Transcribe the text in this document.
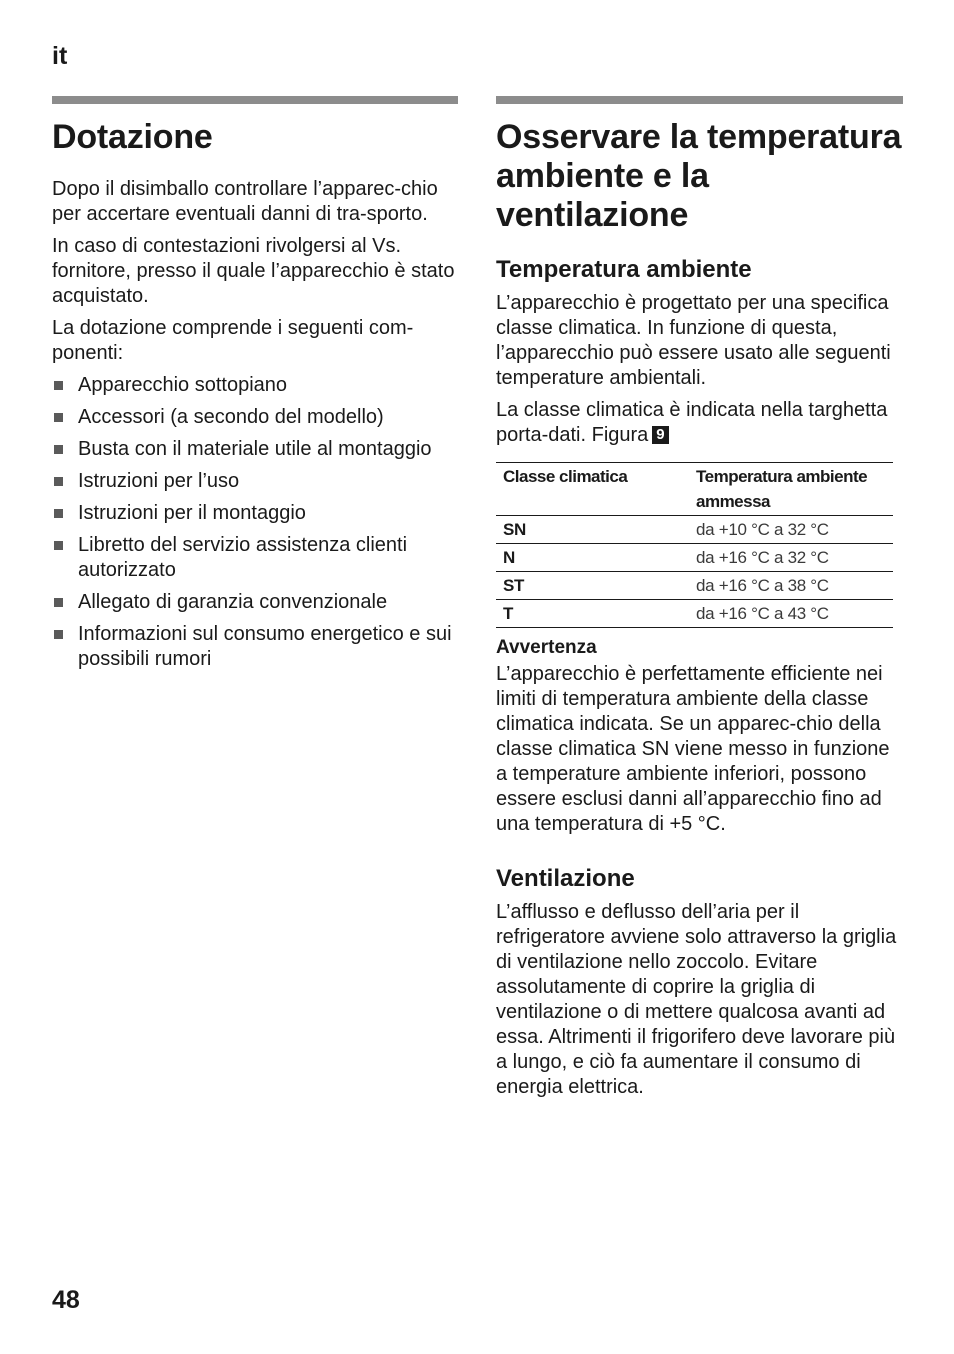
it
Dotazione

Dopo il disimballo controllare l’apparec-chio per accertare eventuali danni di tra-sporto.

In caso di contestazioni rivolgersi al Vs. fornitore, presso il quale l’apparecchio è stato acquistato.

La dotazione comprende i seguenti com-ponenti:

Apparecchio sottopiano
Accessori (a secondo del modello)
Busta con il materiale utile al montaggio
Istruzioni per l’uso
Istruzioni per il montaggio
Libretto del servizio assistenza clienti autorizzato
Allegato di garanzia convenzionale
Informazioni sul consumo energetico e sui possibili rumori
Osservare la temperatura ambiente e la ventilazione
Temperatura ambiente

L’apparecchio è progettato per una specifica classe climatica. In funzione di questa, l’apparecchio può essere usato alle seguenti temperature ambientali.

La classe climatica è indicata nella targhetta porta-dati. Figura 9

Classe climatica	Temperatura ambiente ammessa
SN	da +10 °C a 32 °C
N	da +16 °C a 32 °C
ST	da +16 °C a 38 °C
T	da +16 °C a 43 °C
Avvertenza

L’apparecchio è perfettamente efficiente nei limiti di temperatura ambiente della classe climatica indicata. Se un apparec-chio della classe climatica SN viene messo in funzione a temperature ambiente inferiori, possono essere esclusi danni all’apparecchio fino ad una temperatura di +5 °C.

Ventilazione

L’afflusso e deflusso dell’aria per il refrigeratore avviene solo attraverso la griglia di ventilazione nello zoccolo. Evitare assolutamente di coprire la griglia di ventilazione o di mettere qualcosa avanti ad essa. Altrimenti il frigorifero deve lavorare più a lungo, e ciò fa aumentare il consumo di energia elettrica.

48
